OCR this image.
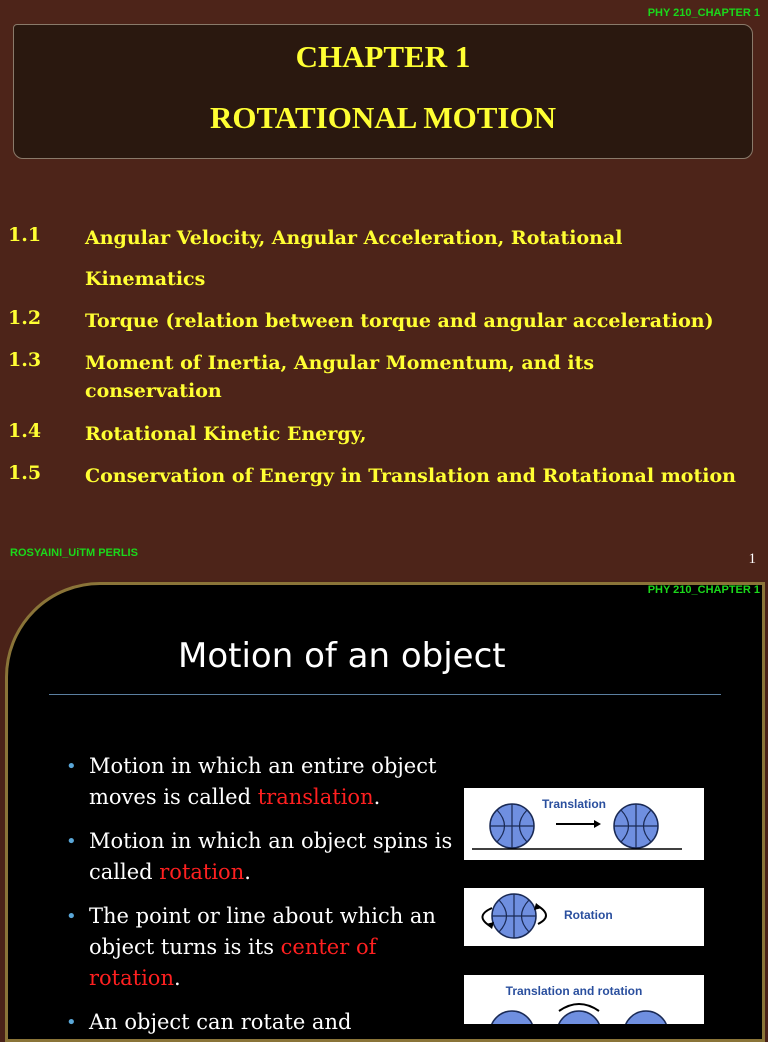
PHY 210_CHAPTER 1
CHAPTER 1
ROTATIONAL MOTION
1.1 Angular Velocity, Angular Acceleration, Rotational
Kinematics
1.2 Torque (relation between torque and angular acceleration)
1.3 Moment of Inertia, Angular Momentum, and its
conservation
1.4 Rotational Kinetic Energy,
1.5 Conservation of Energy in Translation and Rotational motion
ROSYAINI_UiTM PERLIS	1
PHY 210_CHAPTER 1
Motion of an object
• Motion in which an entire object moves is called translation.
• Motion in which an object spins is called rotation.
• The point or line about which an object turns is its center of rotation.
• An object can rotate and
Translation
Rotation
Translation and rotation
